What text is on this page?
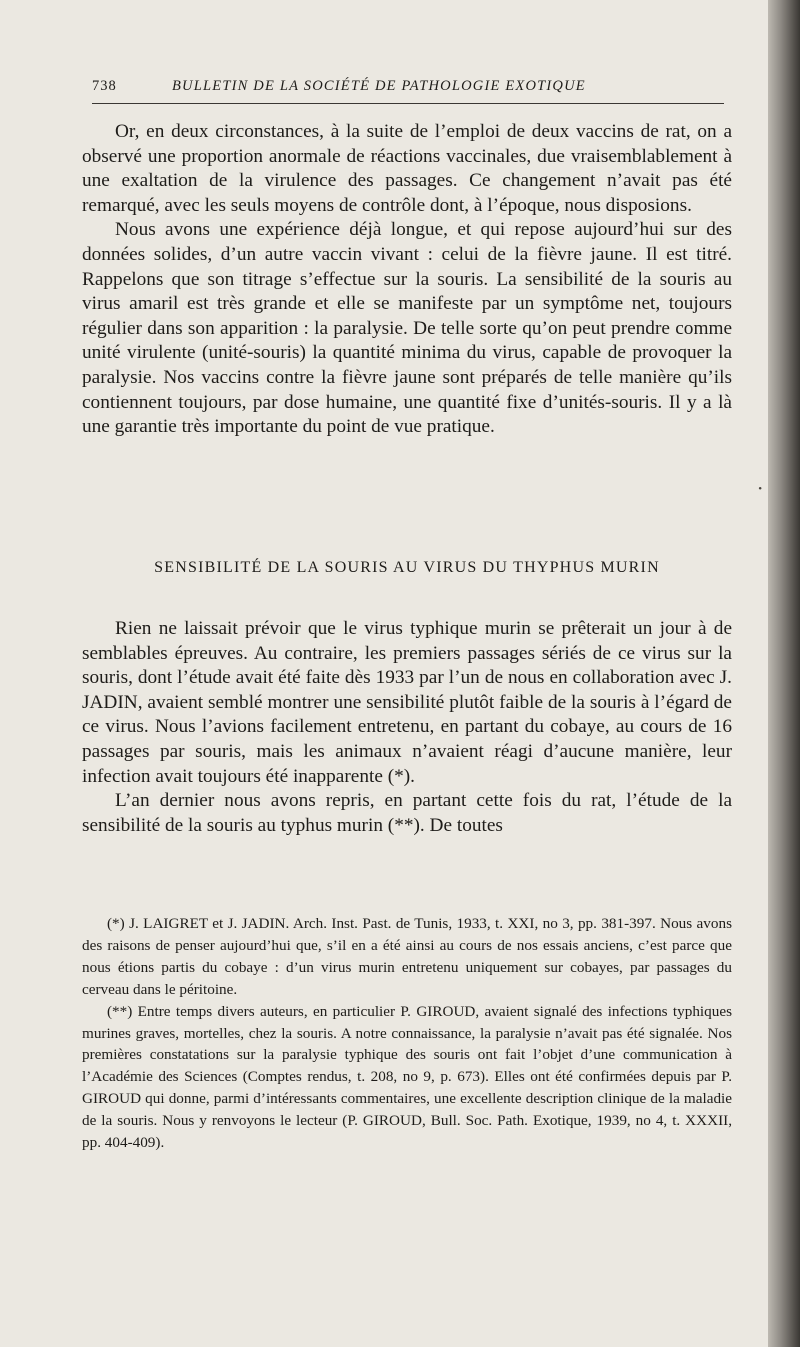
738	BULLETIN DE LA SOCIÉTÉ DE PATHOLOGIE EXOTIQUE

Or, en deux circonstances, à la suite de l’emploi de deux vaccins de rat, on a observé une proportion anormale de réactions vaccinales, due vraisemblablement à une exaltation de la virulence des passages. Ce changement n’avait pas été remarqué, avec les seuls moyens de contrôle dont, à l’époque, nous disposions.

Nous avons une expérience déjà longue, et qui repose aujourd’hui sur des données solides, d’un autre vaccin vivant : celui de la fièvre jaune. Il est titré. Rappelons que son titrage s’effectue sur la souris. La sensibilité de la souris au virus amaril est très grande et elle se manifeste par un symptôme net, toujours régulier dans son apparition : la paralysie. De telle sorte qu’on peut prendre comme unité virulente (unité-souris) la quantité minima du virus, capable de provoquer la paralysie. Nos vaccins contre la fièvre jaune sont préparés de telle manière qu’ils contiennent toujours, par dose humaine, une quantité fixe d’unités-souris. Il y a là une garantie très importante du point de vue pratique.

SENSIBILITÉ DE LA SOURIS AU VIRUS DU THYPHUS MURIN

Rien ne laissait prévoir que le virus typhique murin se prêterait un jour à de semblables épreuves. Au contraire, les premiers passages sériés de ce virus sur la souris, dont l’étude avait été faite dès 1933 par l’un de nous en collaboration avec J. JADIN, avaient semblé montrer une sensibilité plutôt faible de la souris à l’égard de ce virus. Nous l’avions facilement entretenu, en partant du cobaye, au cours de 16 passages par souris, mais les animaux n’avaient réagi d’aucune manière, leur infection avait toujours été inapparente (*).

L’an dernier nous avons repris, en partant cette fois du rat, l’étude de la sensibilité de la souris au typhus murin (**). De toutes

(*) J. LAIGRET et J. JADIN. Arch. Inst. Past. de Tunis, 1933, t. XXI, no 3, pp. 381-397. Nous avons des raisons de penser aujourd’hui que, s’il en a été ainsi au cours de nos essais anciens, c’est parce que nous étions partis du cobaye : d’un virus murin entretenu uniquement sur cobayes, par passages du cerveau dans le péritoine.

(**) Entre temps divers auteurs, en particulier P. GIROUD, avaient signalé des infections typhiques murines graves, mortelles, chez la souris. A notre connaissance, la paralysie n’avait pas été signalée. Nos premières constatations sur la paralysie typhique des souris ont fait l’objet d’une communication à l’Académie des Sciences (Comptes rendus, t. 208, no 9, p. 673). Elles ont été confirmées depuis par P. GIROUD qui donne, parmi d’intéressants commentaires, une excellente description clinique de la maladie de la souris. Nous y renvoyons le lecteur (P. GIROUD, Bull. Soc. Path. Exotique, 1939, no 4, t. XXXII, pp. 404-409).

·
